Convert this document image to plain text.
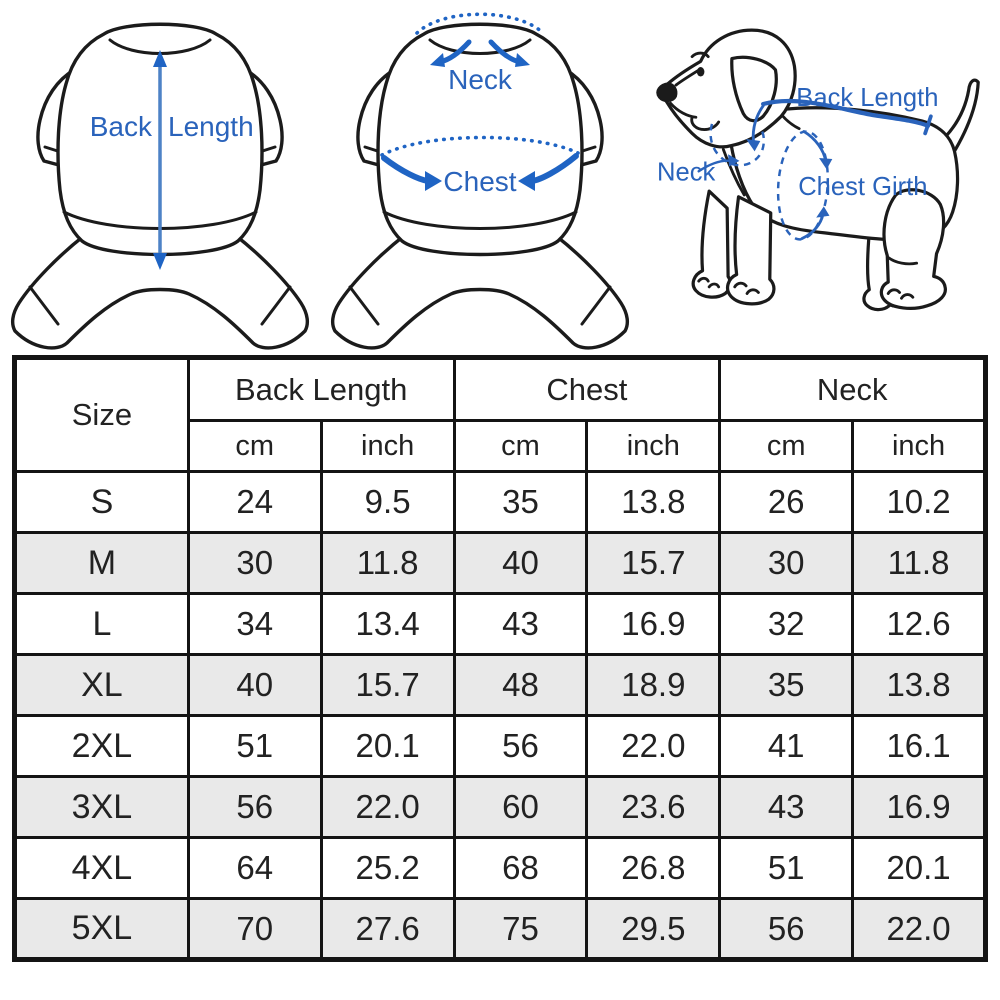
Back Length
Neck
Chest
Back Length
Neck
Chest Girth
Size	Back Length		Chest		Neck	
	cm	inch	cm	inch	cm	inch
S	24	9.5	35	13.8	26	10.2
M	30	11.8	40	15.7	30	11.8
L	34	13.4	43	16.9	32	12.6
XL	40	15.7	48	18.9	35	13.8
2XL	51	20.1	56	22.0	41	16.1
3XL	56	22.0	60	23.6	43	16.9
4XL	64	25.2	68	26.8	51	20.1
5XL	70	27.6	75	29.5	56	22.0
